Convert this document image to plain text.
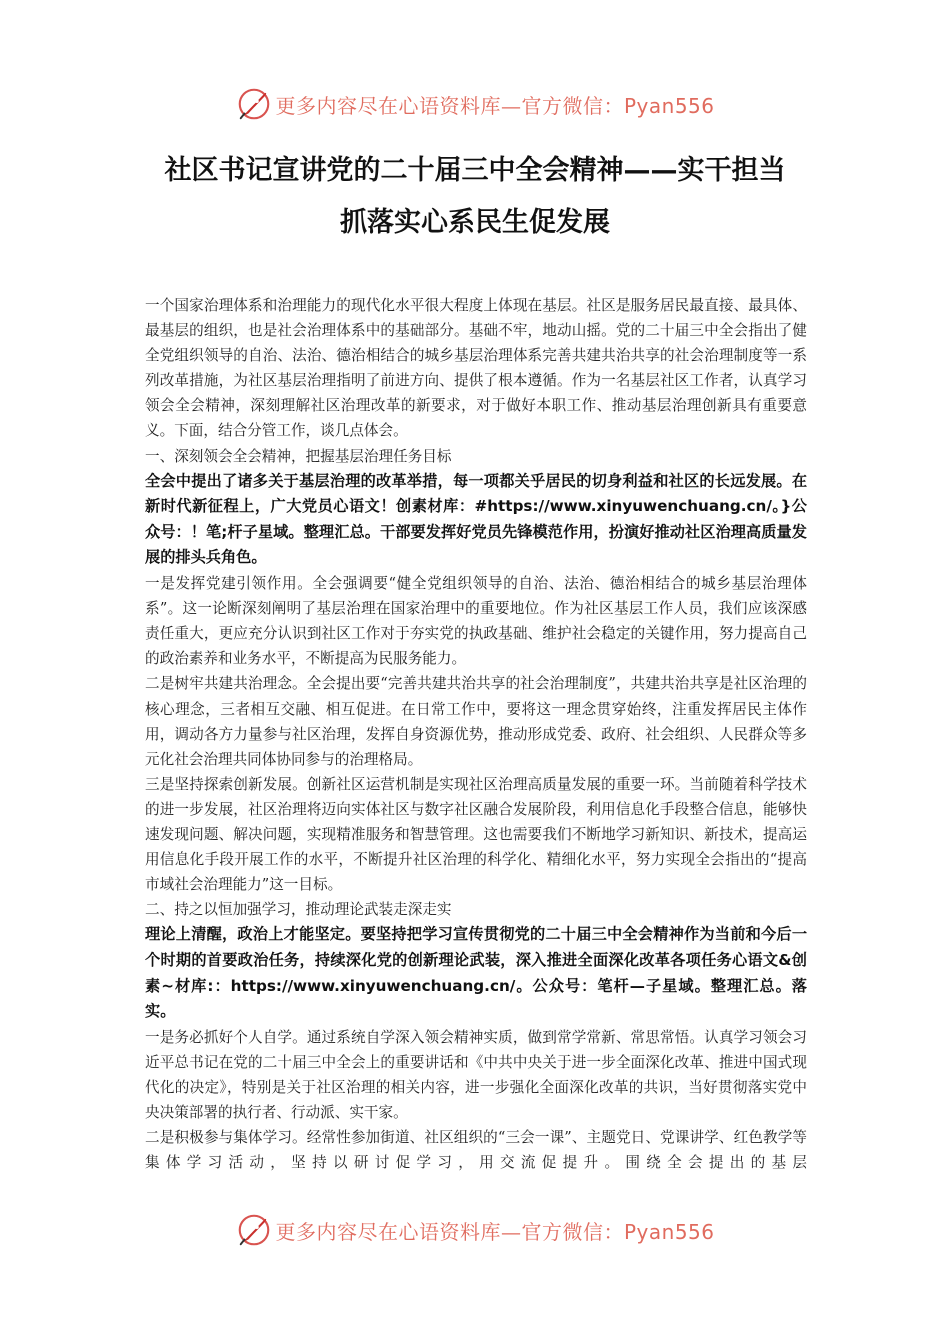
更多内容尽在心语资料库—官方微信：Pyan556
社区书记宣讲党的二十届三中全会精神——实干担当
抓落实心系民生促发展

一个国家治理体系和治理能力的现代化水平很大程度上体现在基层。社区是服务居民最直接、最具体、最基层的组织，也是社会治理体系中的基础部分。基础不牢，地动山摇。党的二十届三中全会指出了健全党组织领导的自治、法治、德治相结合的城乡基层治理体系完善共建共治共享的社会治理制度等一系列改革措施，为社区基层治理指明了前进方向、提供了根本遵循。作为一名基层社区工作者，认真学习领会全会精神，深刻理解社区治理改革的新要求，对于做好本职工作、推动基层治理创新具有重要意义。下面，结合分管工作，谈几点体会。

一、深刻领会全会精神，把握基层治理任务目标

全会中提出了诸多关于基层治理的改革举措，每一项都关乎居民的切身利益和社区的长远发展。在新时代新征程上，广大党员心语文！创素材库：#https://www.xinyuwenchuang.cn/。}公众号：！笔;杆子星域。整理汇总。干部要发挥好党员先锋模范作用，扮演好推动社区治理高质量发展的排头兵角色。

一是发挥党建引领作用。全会强调要“健全党组织领导的自治、法治、德治相结合的城乡基层治理体系”。这一论断深刻阐明了基层治理在国家治理中的重要地位。作为社区基层工作人员，我们应该深感责任重大，更应充分认识到社区工作对于夯实党的执政基础、维护社会稳定的关键作用，努力提高自己的政治素养和业务水平，不断提高为民服务能力。

二是树牢共建共治理念。全会提出要“完善共建共治共享的社会治理制度”，共建共治共享是社区治理的核心理念，三者相互交融、相互促进。在日常工作中，要将这一理念贯穿始终，注重发挥居民主体作用，调动各方力量参与社区治理，发挥自身资源优势，推动形成党委、政府、社会组织、人民群众等多元化社会治理共同体协同参与的治理格局。

三是坚持探索创新发展。创新社区运营机制是实现社区治理高质量发展的重要一环。当前随着科学技术的进一步发展，社区治理将迈向实体社区与数字社区融合发展阶段，利用信息化手段整合信息，能够快速发现问题、解决问题，实现精准服务和智慧管理。这也需要我们不断地学习新知识、新技术，提高运用信息化手段开展工作的水平，不断提升社区治理的科学化、精细化水平，努力实现全会指出的“提高市域社会治理能力”这一目标。

二、持之以恒加强学习，推动理论武装走深走实

理论上清醒，政治上才能坚定。要坚持把学习宣传贯彻党的二十届三中全会精神作为当前和今后一个时期的首要政治任务，持续深化党的创新理论武装，深入推进全面深化改革各项任务心语文&创素~材库:：https://www.xinyuwenchuang.cn/。公众号：笔杆—子星域。整理汇总。落实。

一是务必抓好个人自学。通过系统自学深入领会精神实质，做到常学常新、常思常悟。认真学习领会习近平总书记在党的二十届三中全会上的重要讲话和《中共中央关于进一步全面深化改革、推进中国式现代化的决定》，特别是关于社区治理的相关内容，进一步强化全面深化改革的共识，当好贯彻落实党中央决策部署的执行者、行动派、实干家。

二是积极参与集体学习。经常性参加街道、社区组织的“三会一课”、主题党日、党课讲学、红色教学等集体学习活动，坚持以研讨促学习，用交流促提升。围绕全会提出的基层

更多内容尽在心语资料库—官方微信：Pyan556
